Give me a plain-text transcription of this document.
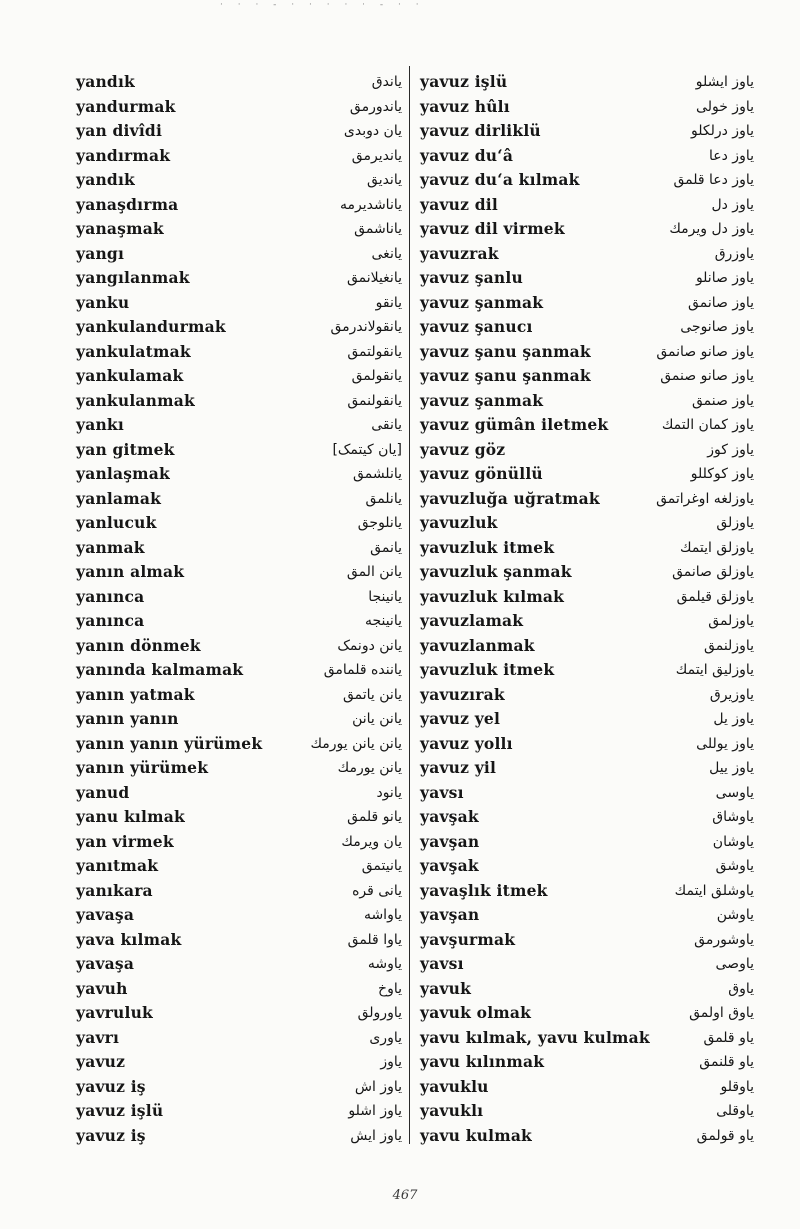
· · · - · · · · · - · ·
yandık	یاندق
yandurmak	یاندورمق
yan divîdi	یان دوبدی
yandırmak	یاندیرمق
yandık	یاندیق
yanaşdırma	یاناشدیرمه
yanaşmak	یاناشمق
yangı	یانغی
yangılanmak	یانغیلانمق
yanku	یانقو
yankulandurmak	یانقولاندرمق
yankulatmak	یانقولتمق
yankulamak	یانقولمق
yankulanmak	یانقولنمق
yankı	یانقی
yan gitmek	[یان کیتمک]
yanlaşmak	یانلشمق
yanlamak	یانلمق
yanlucuk	یانلوجق
yanmak	یانمق
yanın almak	یانن المق
yanınca	یانینجا
yanınca	یانینجه
yanın dönmek	یانن دونمک
yanında kalmamak	یاننده قلمامق
yanın yatmak	یانن یاتمق
yanın yanın	یانن یانن
yanın yanın yürümek	یانن یانن یورمك
yanın yürümek	یانن یورمك
yanud	یانود
yanu kılmak	یانو قلمق
yan virmek	یان ویرمك
yanıtmak	یانیتمق
yanıkara	یانی قره
yavaşa	یاواشه
yava kılmak	یاوا قلمق
yavaşa	یاوشه
yavuh	یاوخ
yavruluk	یاورولق
yavrı	یاوری
yavuz	یاوز
yavuz iş	یاوز اش
yavuz işlü	یاوز اشلو
yavuz iş	یاوز ایش
yavuz işlü	یاوز ایشلو
yavuz hûlı	یاوز خولی
yavuz dirliklü	یاوز درلکلو
yavuz du‘â	یاوز دعا
yavuz du‘a kılmak	یاوز دعا قلمق
yavuz dil	یاوز دل
yavuz dil virmek	یاوز دل ویرمك
yavuzrak	یاوزرق
yavuz şanlu	یاوز صانلو
yavuz şanmak	یاوز صانمق
yavuz şanucı	یاوز صانوجی
yavuz şanu şanmak	یاوز صانو صانمق
yavuz şanu şanmak	یاوز صانو صنمق
yavuz şanmak	یاوز صنمق
yavuz gümân iletmek	یاوز کمان التمك
yavuz göz	یاوز کوز
yavuz gönüllü	یاوز کوکللو
yavuzluğa uğratmak	یاوزلغه اوغراتمق
yavuzluk	یاوزلق
yavuzluk itmek	یاوزلق ایتمك
yavuzluk şanmak	یاوزلق صانمق
yavuzluk kılmak	یاوزلق قیلمق
yavuzlamak	یاوزلمق
yavuzlanmak	یاوزلنمق
yavuzluk itmek	یاوزلیق ایتمك
yavuzırak	یاوزیرق
yavuz yel	یاوز یل
yavuz yollı	یاوز یوللی
yavuz yil	یاوز ییل
yavsı	یاوسی
yavşak	یاوشاق
yavşan	یاوشان
yavşak	یاوشق
yavaşlık itmek	یاوشلق ایتمك
yavşan	یاوشن
yavşurmak	یاوشورمق
yavsı	یاوصی
yavuk	یاوق
yavuk olmak	یاوق اولمق
yavu kılmak, yavu kulmak	یاو قلمق
yavu kılınmak	یاو قلنمق
yavuklu	یاوقلو
yavuklı	یاوقلی
yavu kulmak	یاو قولمق
467
